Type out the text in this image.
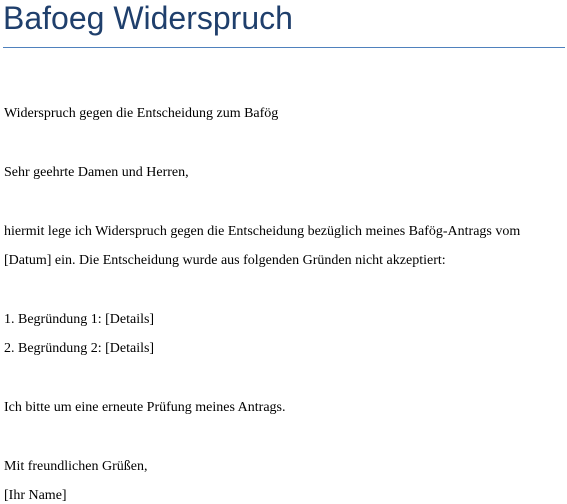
Bafoeg Widerspruch

Widerspruch gegen die Entscheidung zum Bafög

Sehr geehrte Damen und Herren,

hiermit lege ich Widerspruch gegen die Entscheidung bezüglich meines Bafög-Antrags vom

[Datum] ein. Die Entscheidung wurde aus folgenden Gründen nicht akzeptiert:

1. Begründung 1: [Details]

2. Begründung 2: [Details]

Ich bitte um eine erneute Prüfung meines Antrags.

Mit freundlichen Grüßen,

[Ihr Name]
